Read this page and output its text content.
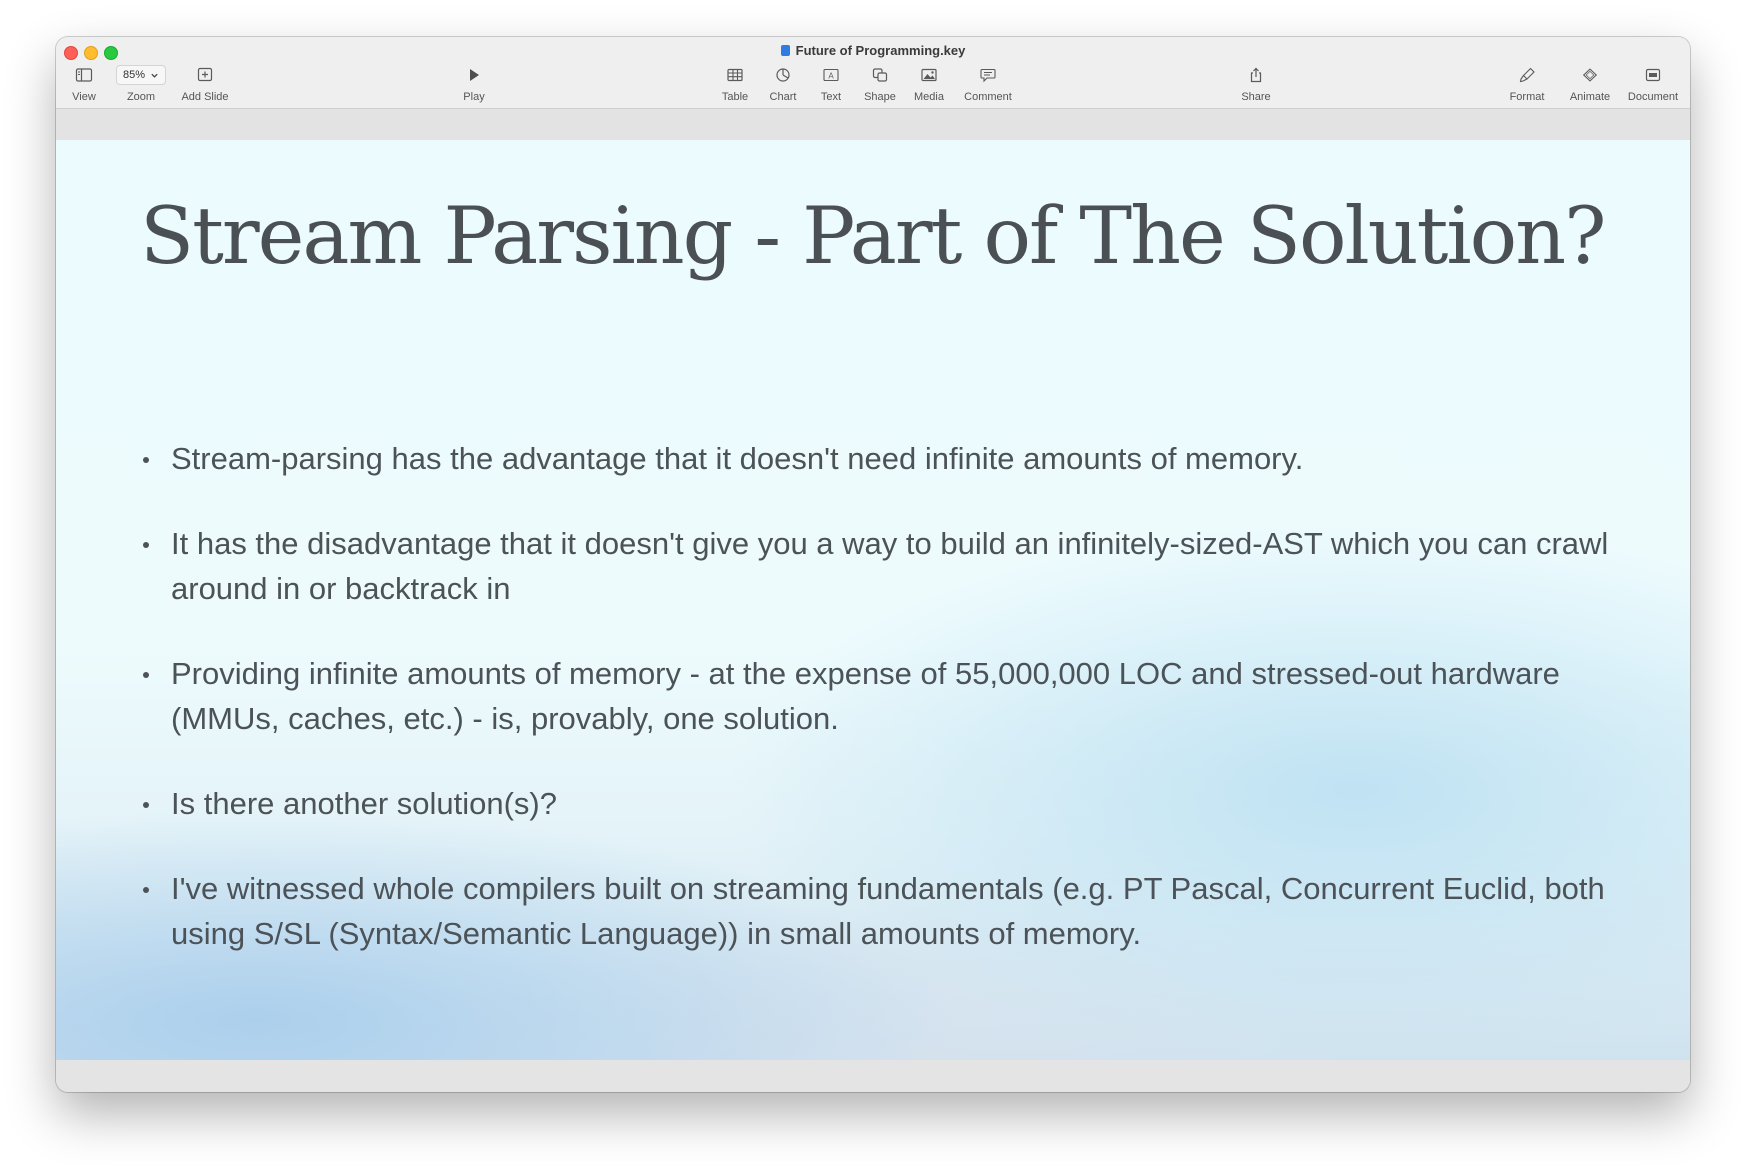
Future of Programming.key
View
85%
Zoom	Add Slide	Play	Table	Chart
A
Text	Shape	Media	Comment	Share	Format	Animate	Document
Stream Parsing - Part of The Solution?
Stream-parsing has the advantage that it doesn't need infinite amounts of memory.
It has the disadvantage that it doesn't give you a way to build an infinitely-sized-AST which you can crawl around in or backtrack in
Providing infinite amounts of memory - at the expense of 55,000,000 LOC and stressed-out hardware (MMUs, caches, etc.) - is, provably, one solution.
Is there another solution(s)?
I've witnessed whole compilers built on streaming fundamentals (e.g. PT Pascal, Concurrent Euclid, both using S/SL (Syntax/Semantic Language)) in small amounts of memory.
